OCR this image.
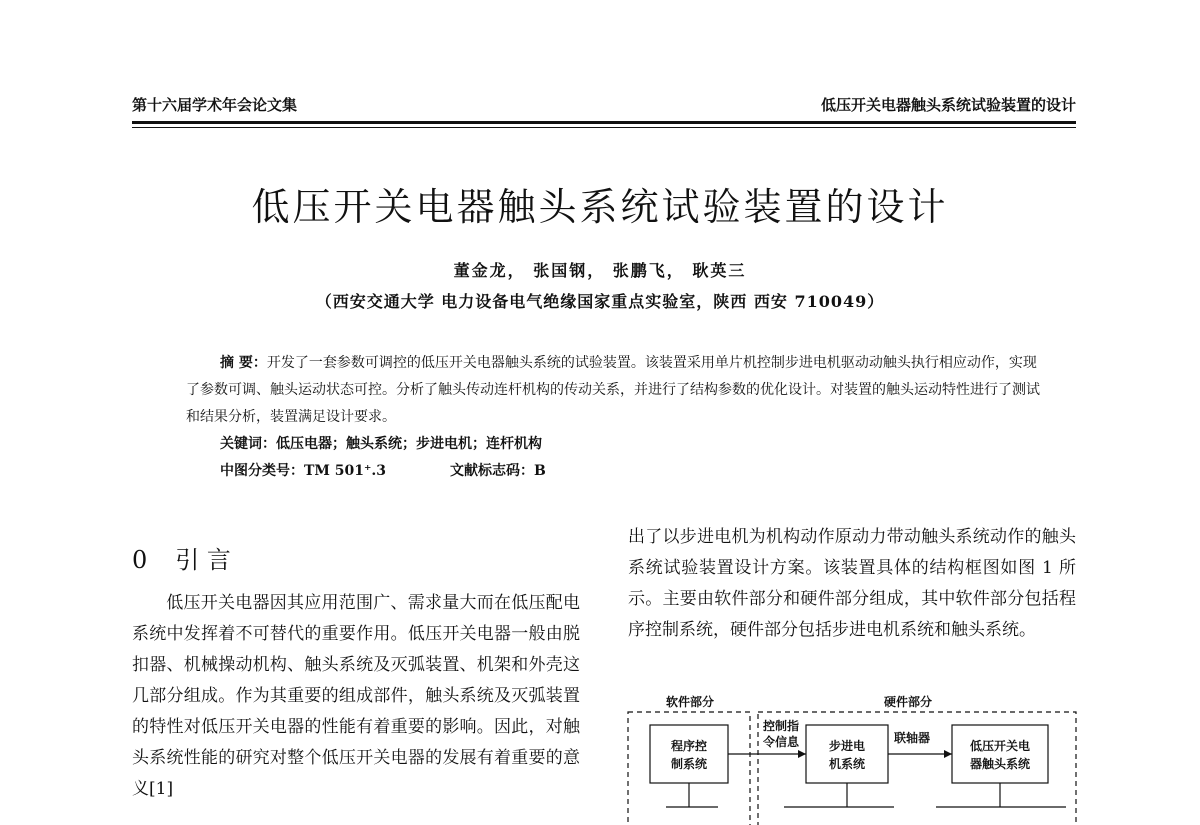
第十六届学术年会论文集	低压开关电器触头系统试验装置的设计
低压开关电器触头系统试验装置的设计
董金龙， 张国钢， 张鹏飞， 耿英三
（西安交通大学 电力设备电气绝缘国家重点实验室，陕西 西安 710049）
摘 要：开发了一套参数可调控的低压开关电器触头系统的试验装置。该装置采用单片机控制步进电机驱动动触头执行相应动作，实现了参数可调、触头运动状态可控。分析了触头传动连杆机构的传动关系，并进行了结构参数的优化设计。对装置的触头运动特性进行了测试和结果分析，装置满足设计要求。
关键词：低压电器；触头系统；步进电机；连杆机构
中图分类号：TM 501⁺.3	文献标志码：B
0 引 言
低压开关电器因其应用范围广、需求量大而在低压配电系统中发挥着不可替代的重要作用。低压开关电器一般由脱扣器、机械操动机构、触头系统及灭弧装置、机架和外壳这几部分组成。作为其重要的组成部件，触头系统及灭弧装置的特性对低压开关电器的性能有着重要的影响。因此，对触头系统性能的研究对整个低压开关电器的发展有着重要的意义[1]
出了以步进电机为机构动作原动力带动触头系统动作的触头系统试验装置设计方案。该装置具体的结构框图如图 1 所示。主要由软件部分和硬件部分组成，其中软件部分包括程序控制系统，硬件部分包括步进电机系统和触头系统。
软件部分	硬件部分
程序控
制系统
控制指
令信息 步进电
机系统
联轴器
低压开关电
器触头系统
